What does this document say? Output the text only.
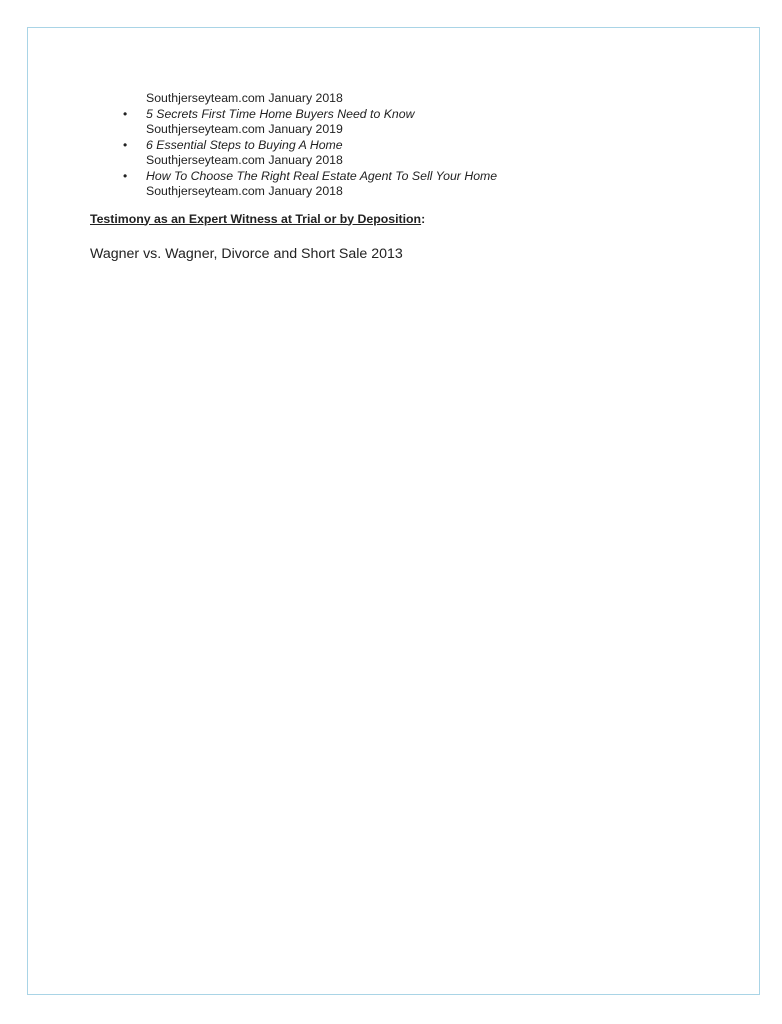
Southjerseyteam.com January 2018
• 5 Secrets First Time Home Buyers Need to Know
Southjerseyteam.com January 2019
• 6 Essential Steps to Buying A Home
Southjerseyteam.com January 2018
• How To Choose The Right Real Estate Agent To Sell Your Home
Southjerseyteam.com January 2018
Testimony as an Expert Witness at Trial or by Deposition:
Wagner vs. Wagner, Divorce and Short Sale 2013
